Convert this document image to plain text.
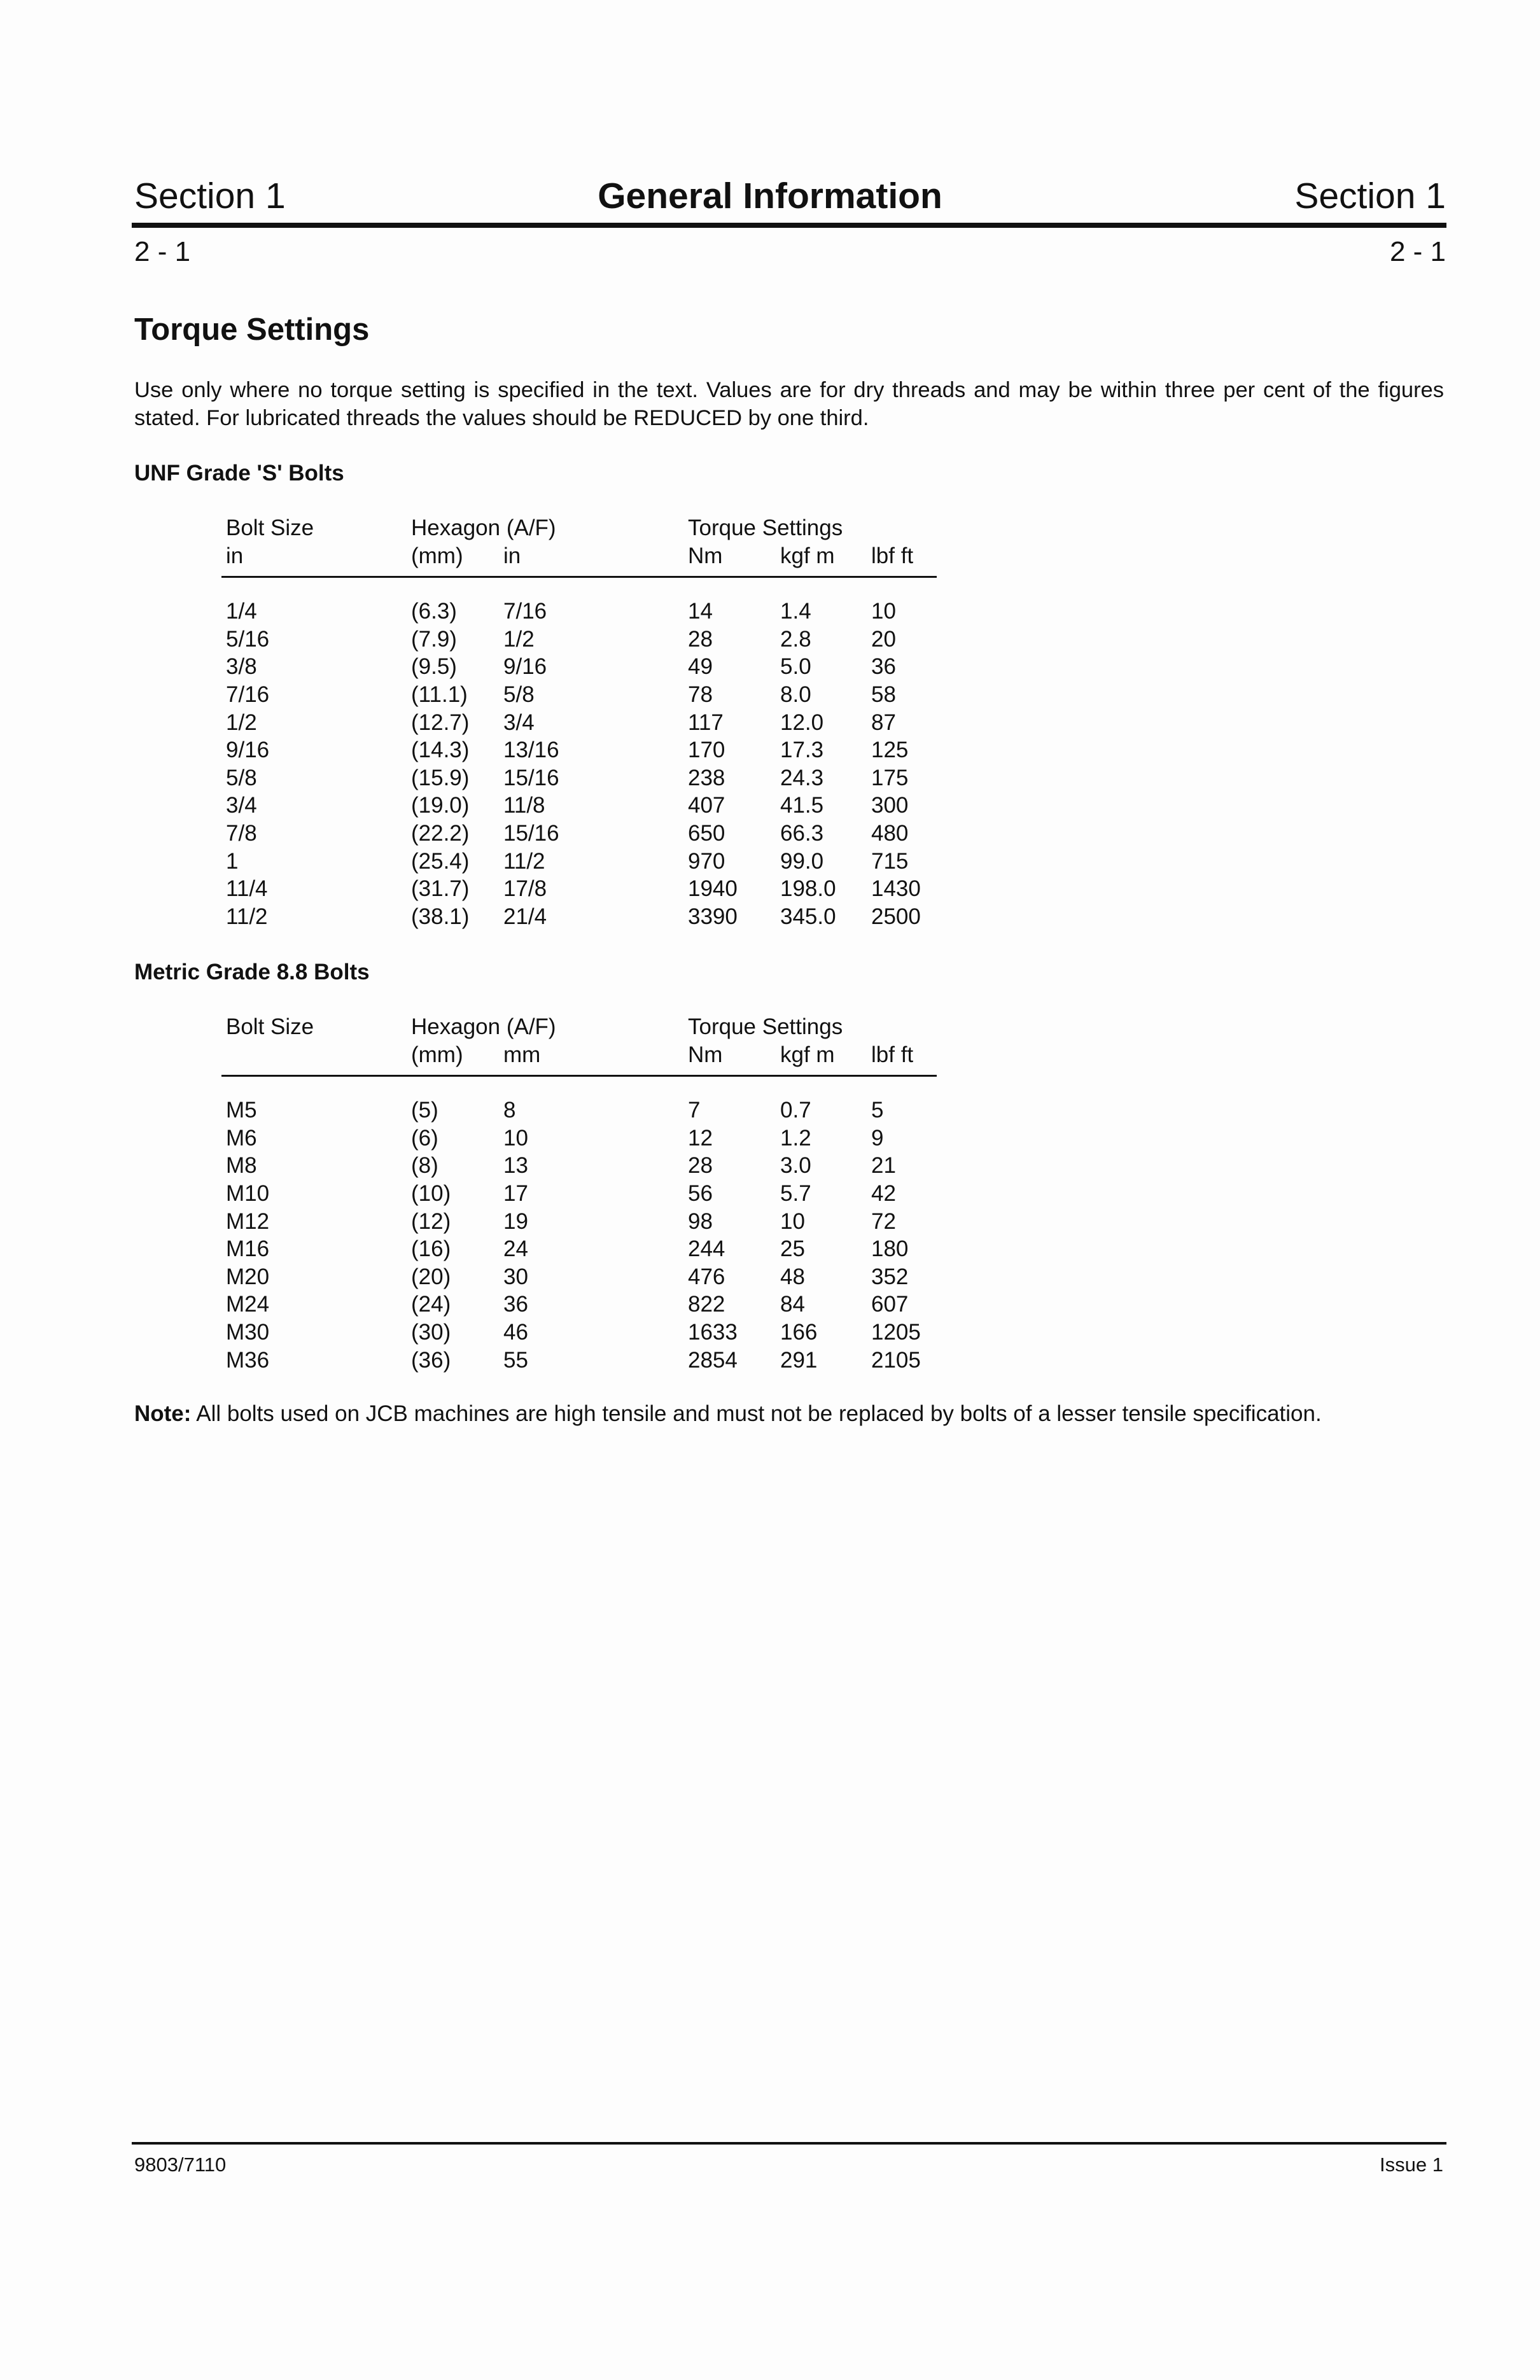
Section 1	General Information	Section 1
2 - 1	2 - 1
Torque Settings

Use only where no torque setting is specified in the text. Values are for dry threads and may be within three per cent of the figures stated. For lubricated threads the values should be REDUCED by one third.

UNF Grade 'S' Bolts
Bolt Size	Hexagon (A/F)	Torque Settings
in	(mm) in	Nm	kgf m lbf ft
1/4	(6.3) 7/16	14	1.4	10
5/16	(7.9) 1/2	28	2.8	20
3/8	(9.5) 9/16	49	5.0	36
7/16	(11.1) 5/8	78	8.0	58
1/2	(12.7) 3/4	117	12.0 87
9/16	(14.3) 13/16	170 17.3 125
5/8	(15.9) 15/16	238 24.3 175
3/4	(19.0) 11/8	407 41.5 300
7/8	(22.2) 15/16	650 66.3 480
1	(25.4) 11/2	970 99.0 715
11/4	(31.7) 17/8	1940 198.0 1430
11/2	(38.1) 21/4	3390 345.0 2500
Metric Grade 8.8 Bolts
Bolt Size	Hexagon (A/F)	Torque Settings
(mm) mm	Nm	kgf m lbf ft
M5	(5)	8	7	0.7	5
M6	(6)	10	12	1.2	9
M8	(8)	13	28	3.0	21
M10	(10) 17	56	5.7	42
M12	(12) 19	98	10	72
M16	(16) 24	244 25	180
M20	(20) 30	476 48	352
M24	(24) 36	822 84	607
M30	(30) 46	1633 166 1205
M36	(36) 55	2854 291 2105
Note: All bolts used on JCB machines are high tensile and must not be replaced by bolts of a lesser tensile specification.
9803/7110	Issue 1
